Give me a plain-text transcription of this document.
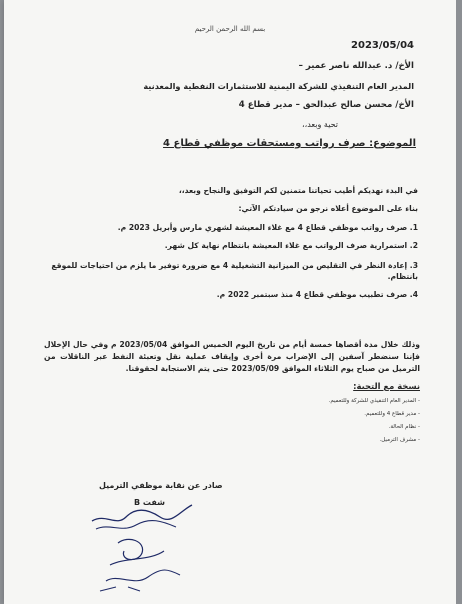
بسم الله الرحمن الرحيم
2023/05/04
الأخ/ د. عبدالله ناصر عمير –
المدير العام التنفيذي للشركة اليمنية للاستثمارات النفطية والمعدنية
الأخ/ محسن صالح عبدالحق – مدير قطاع 4
تحية وبعد،،
الموضوع: صرف رواتب ومستحقات موظفي قطاع 4
في البدء نهديكم أطيب تحياتنا متمنين لكم التوفيق والنجاح وبعد،،
بناء على الموضوع أعلاه نرجو من سيادتكم الآتي:
1. صرف رواتب موظفي قطاع 4 مع غلاء المعيشة لشهري مارس وأبريل 2023 م.
2. استمرارية صرف الرواتب مع غلاء المعيشة بانتظام نهاية كل شهر.
3. إعادة النظر في التقليص من الميزانية التشغيلية 4 مع ضرورة توفير ما يلزم من احتياجات للموقع بانتظام.
4. صرف تطبيب موظفي قطاع 4 منذ سبتمبر 2022 م.
وذلك خلال مدة أقصاها خمسة أيام من تاريخ اليوم الخميس الموافق 2023/05/04 م وفي حال الإخلال فإننا سنضطر آسفين إلى الإضراب مرة أخرى وإيقاف عملية نقل وتعبئة النفط عبر الناقلات من الترميل من صباح يوم الثلاثاء الموافق 2023/05/09 حتى يتم الاستجابة لحقوقنا.
نسخة مع التحية:
- المدير العام التنفيذي للشركة وللتعميم.
- مدير قطاع 4 وللتعميم.
- نظام الحالة.
- مشرف الترميل.
صادر عن نقابة موظفي الترميل
شفت B
